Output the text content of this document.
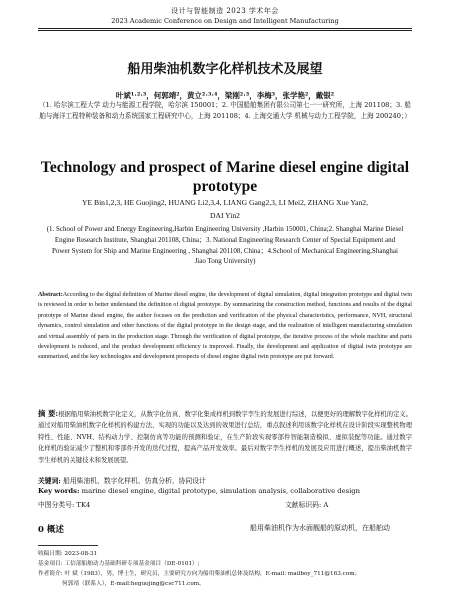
设计与智能制造 2023 学术年会
2023 Academic Conference on Design and Intelligent Manufacturing
船用柴油机数字化样机技术及展望
叶斌¹˒²˒³，何郭靖²，黄立²˒³˒⁴，梁刚²˒³，李梅³，张学艳²，戴银²
（1. 哈尔滨工程大学 动力与能源工程学院，哈尔滨 150001；2. 中国船舶集团有限公司第七一一研究所，上海 201108；3. 船舶与海洋工程特种装备和动力系统国家工程研究中心，上海 201108；4. 上海交通大学 机械与动力工程学院，上海 200240；）
Technology and prospect of Marine diesel engine digital prototype
YE Bin1,2,3, HE Guojing2, HUANG Li2,3,4, LIANG Gang2,3, LI Mei2, ZHANG Xue Yan2,
DAI Yin2
(1. School of Power and Energy Engineering,Harbin Engineering University ,Harbin 150001, China;2. Shanghai Marine Diesel Engine Research Institute, Shanghai 201108, China；3. National Engineering Research Center of Special Equipment and Power System for Ship and Marine Engineering , Shanghai 201108, China；4.School of Mechanical Engineering,Shanghai Jiao Tong University)
Abstract:According to the digital definition of Marine diesel engine, the development of digital simulation, digital integration prototype and digital twin is reviewed in order to better understand the definition of digital prototype. By summarizing the construction method, functions and results of the digital prototype of Marine diesel engine, the author focuses on the prediction and verification of the physical characteristics, performance, NVH, structural dynamics, control simulation and other functions of the digital prototype in the design stage, and the realization of intelligent manufacturing simulation and virtual assembly of parts in the production stage. Through the verification of digital prototype, the iterative process of the whole machine and parts development is reduced, and the product development efficiency is improved. Finally, the development and application of digital twin prototype are summarized, and the key technologies and development prospects of diesel engine digital twin prototype are put forward.
摘 要:根据船用柴油机数字化定义，从数字化仿真、数字化集成样机到数字孪生的发展进行综述，以便更好的理解数字化样机的定义。通过对船用柴油机数字化样机的构建方法、实现的功能以及达到的效果进行总结，重点叙述利用该数字化样机在设计阶段实现整机物理特性、性能、NVH、结构动力学、控制仿真等功能的预测和验证，在生产阶段实现零部件智能制造模拟、虚拟装配等功能。通过数字化样机的验证减少了整机和零部件开发的迭代过程，提高产品开发效率。最后对数字孪生样机的发展及应用进行概述，提出柴油机数字孪生样机的关键技术和发展展望。
关键词: 船用柴油机、数字化样机、仿真分析、协同设计
Key words: marine diesel engine, digital prototype, simulation analysis, collaborative design
中图分类号: TK4	文献标识码: A
0 概述	船用柴油机作为水面舰船的原动机，在船舶动
收稿日期: 2023-08-31
基金项目: 工信部船舶动力基础科研专项基金项目（DE-0101）;
作者简介: 叶 斌（1983），男，博士生，研究员，主要研究方向为船用柴油机总体及结构，E-mail: mailboy_711@163.com；
何郭靖（联系人），E-mail:heguojing@csc711.com。
